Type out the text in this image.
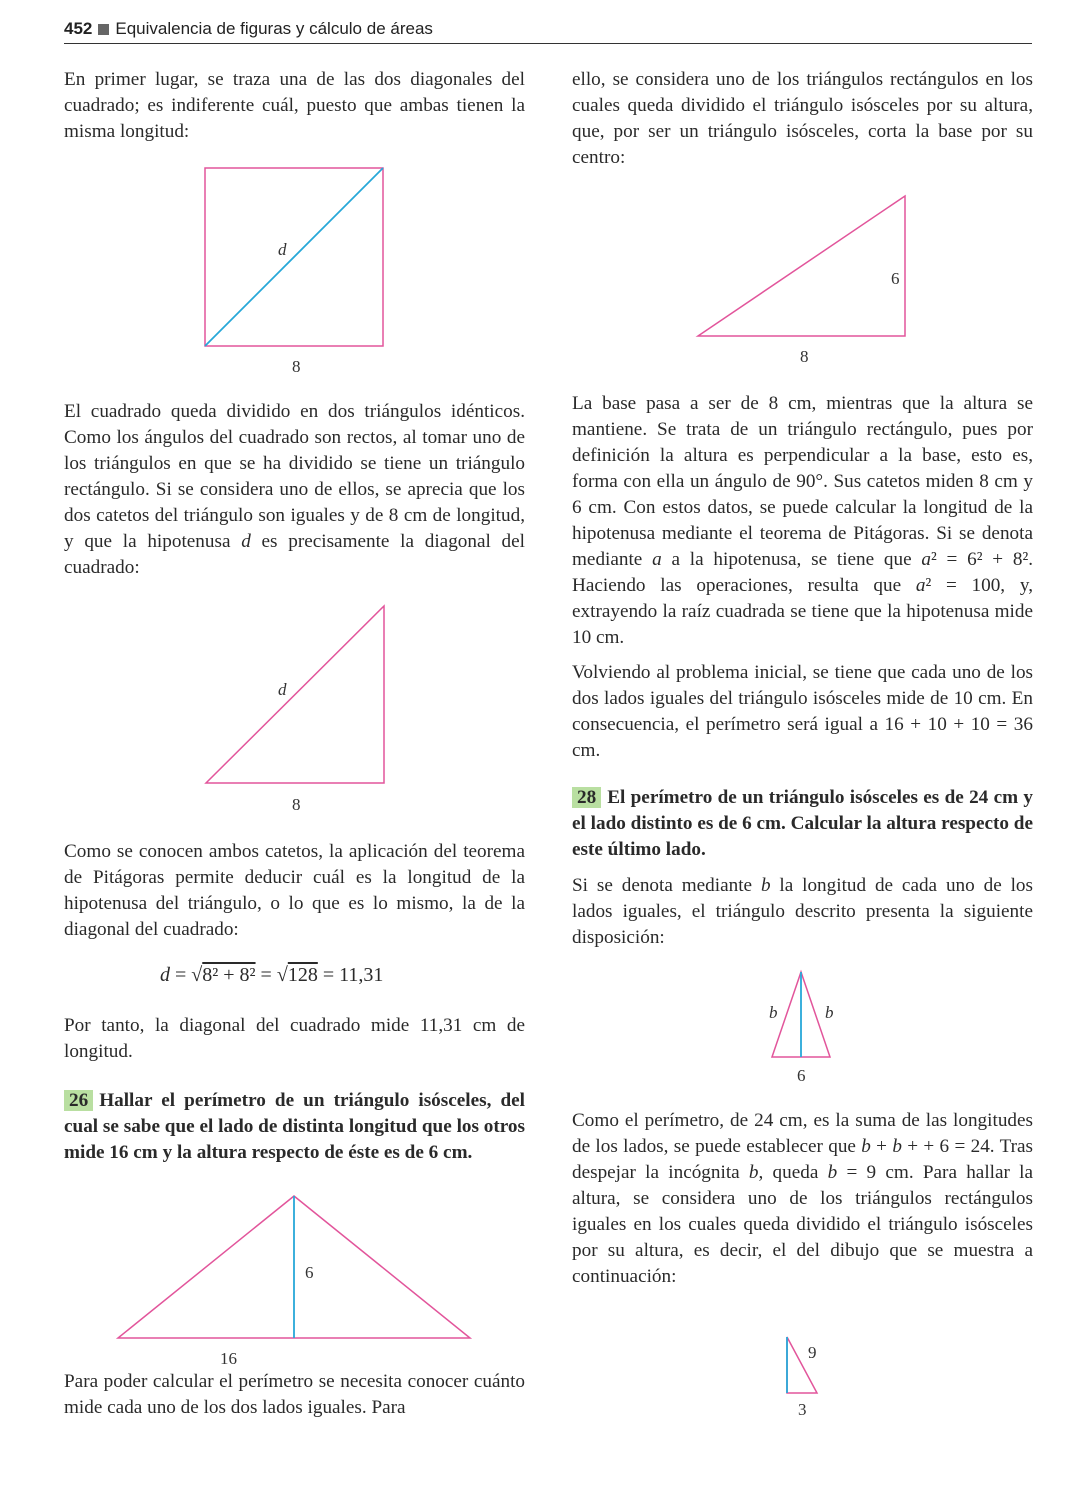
452 Equivalencia de figuras y cálculo de áreas

En primer lugar, se traza una de las dos diagonales del cuadrado; es indiferente cuál, puesto que ambas tienen la misma longitud:

d
8

El cuadrado queda dividido en dos triángulos idénticos. Como los ángulos del cuadrado son rectos, al tomar uno de los triángulos en que se ha dividido se tiene un triángulo rectángulo. Si se considera uno de ellos, se aprecia que los dos catetos del triángulo son iguales y de 8 cm de longitud, y que la hipotenusa d es precisamente la diagonal del cuadrado:

d
8

Como se conocen ambos catetos, la aplicación del teorema de Pitágoras permite deducir cuál es la longitud de la hipotenusa del triángulo, o lo que es lo mismo, la de la diagonal del cuadrado:

d = √8² + 8² = √128 = 11,31

Por tanto, la diagonal del cuadrado mide 11,31 cm de longitud.

26 Hallar el perímetro de un triángulo isósceles, del cual se sabe que el lado de distinta longitud que los otros mide 16 cm y la altura respecto de éste es de 6 cm.

6
16

Para poder calcular el perímetro se necesita conocer cuánto mide cada uno de los dos lados iguales. Para

ello, se considera uno de los triángulos rectángulos en los cuales queda dividido el triángulo isósceles por su altura, que, por ser un triángulo isósceles, corta la base por su centro:

6
8

La base pasa a ser de 8 cm, mientras que la altura se mantiene. Se trata de un triángulo rectángulo, pues por definición la altura es perpendicular a la base, esto es, forma con ella un ángulo de 90°. Sus catetos miden 8 cm y 6 cm. Con estos datos, se puede calcular la longitud de la hipotenusa mediante el teorema de Pitágoras. Si se denota mediante a a la hipotenusa, se tiene que a² = 6² + 8². Haciendo las operaciones, resulta que a² = 100, y, extrayendo la raíz cuadrada se tiene que la hipotenusa mide 10 cm.

Volviendo al problema inicial, se tiene que cada uno de los dos lados iguales del triángulo isósceles mide de 10 cm. En consecuencia, el perímetro será igual a 16 + 10 + 10 = 36 cm.

28 El perímetro de un triángulo isósceles es de 24 cm y el lado distinto es de 6 cm. Calcular la altura respecto de este último lado.

Si se denota mediante b la longitud de cada uno de los lados iguales, el triángulo descrito presenta la siguiente disposición:

b	b
6

Como el perímetro, de 24 cm, es la suma de las longitudes de los lados, se puede establecer que b + b + + 6 = 24. Tras despejar la incógnita b, queda b = 9 cm. Para hallar la altura, se considera uno de los triángulos rectángulos iguales en los cuales queda dividido el triángulo isósceles por su altura, es decir, el del dibujo que se muestra a continuación:

9
3
